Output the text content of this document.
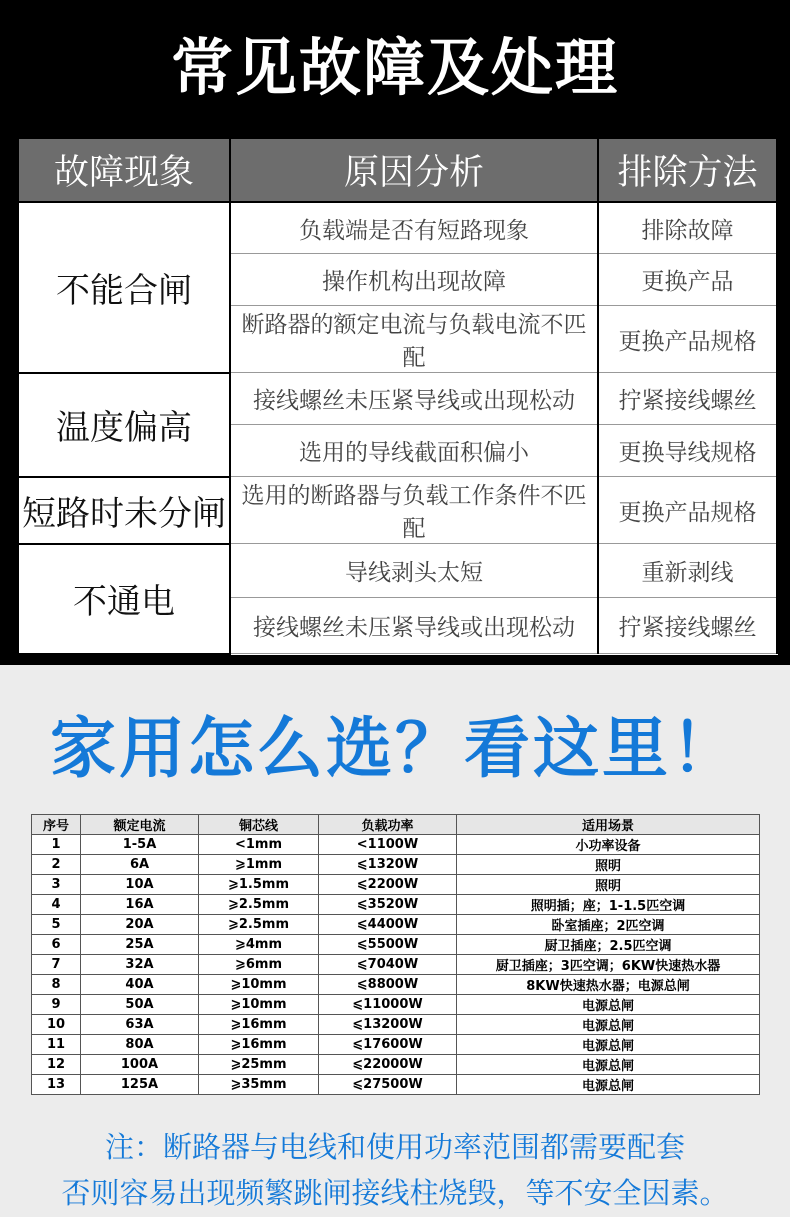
常见故障及处理
故障现象	原因分析	排除方法
不能合闸	负载端是否有短路现象	排除故障
	操作机构出现故障	更换产品
	断路器的额定电流与负载电流不匹配	更换产品规格
温度偏高	接线螺丝未压紧导线或出现松动	拧紧接线螺丝
	选用的导线截面积偏小	更换导线规格
短路时未分闸	选用的断路器与负载工作条件不匹配	更换产品规格
不通电	导线剥头太短	重新剥线
	接线螺丝未压紧导线或出现松动	拧紧接线螺丝
家用怎么选？看这里！
序号	额定电流	铜芯线	负载功率	适用场景
1	1-5A	<1mm	<1100W	小功率设备
2	6A	⩾1mm	⩽1320W	照明
3	10A	⩾1.5mm	⩽2200W	照明
4	16A	⩾2.5mm	⩽3520W	照明插；座；1-1.5匹空调
5	20A	⩾2.5mm	⩽4400W	卧室插座；2匹空调
6	25A	⩾4mm	⩽5500W	厨卫插座；2.5匹空调
7	32A	⩾6mm	⩽7040W	厨卫插座；3匹空调；6KW快速热水器
8	40A	⩾10mm	⩽8800W	8KW快速热水器；电源总闸
9	50A	⩾10mm	⩽11000W	电源总闸
10	63A	⩾16mm	⩽13200W	电源总闸
11	80A	⩾16mm	⩽17600W	电源总闸
12	100A	⩾25mm	⩽22000W	电源总闸
13	125A	⩾35mm	⩽27500W	电源总闸
注：断路器与电线和使用功率范围都需要配套
否则容易出现频繁跳闸接线柱烧毁，等不安全因素。
